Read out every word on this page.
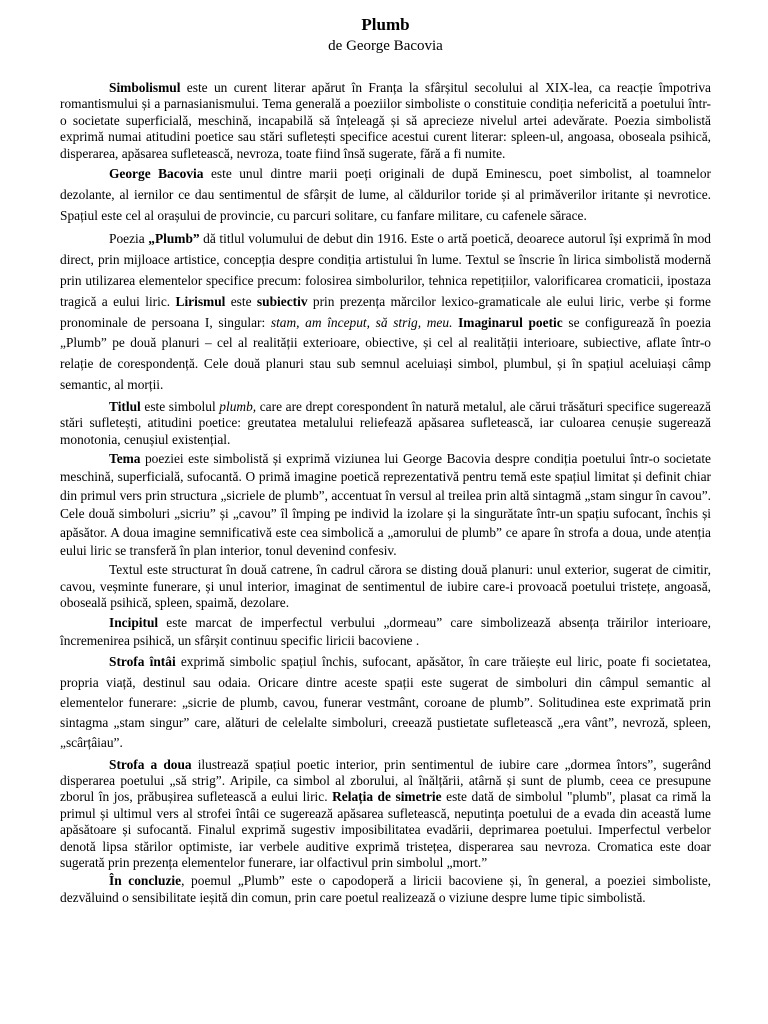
Plumb
de George Bacovia

Simbolismul este un curent literar apărut în Franța la sfârșitul secolului al XIX-lea, ca reacție împotriva romantismului și a parnasianismului. Tema generală a poeziilor simboliste o constituie condiția nefericită a poetului într-o societate superficială, meschină, incapabilă să înțeleagă și să aprecieze nivelul artei adevărate. Poezia simbolistă exprimă numai atitudini poetice sau stări sufletești specifice acestui curent literar: spleen-ul, angoasa, oboseala psihică, disperarea, apăsarea sufletească, nevroza, toate fiind însă sugerate, fără a fi numite.

George Bacovia este unul dintre marii poeți originali de după Eminescu, poet simbolist, al toamnelor dezolante, al iernilor ce dau sentimentul de sfârșit de lume, al căldurilor toride și al primăverilor iritante și nevrotice. Spațiul este cel al orașului de provincie, cu parcuri solitare, cu fanfare militare, cu cafenele sărace.

Poezia „Plumb” dă titlul volumului de debut din 1916. Este o artă poetică, deoarece autorul își exprimă în mod direct, prin mijloace artistice, concepția despre condiția artistului în lume. Textul se înscrie în lirica simbolistă modernă prin utilizarea elementelor specifice precum: folosirea simbolurilor, tehnica repetițiilor, valorificarea cromaticii, ipostaza tragică a eului liric. Lirismul este subiectiv prin prezența mărcilor lexico-gramaticale ale eului liric, verbe și forme pronominale de persoana I, singular: stam, am început, să strig, meu. Imaginarul poetic se configurează în poezia „Plumb” pe două planuri – cel al realității exterioare, obiective, și cel al realității interioare, subiective, aflate într-o relație de corespondență. Cele două planuri stau sub semnul aceluiași simbol, plumbul, și în spațiul aceluiași câmp semantic, al morții.

Titlul este simbolul plumb, care are drept corespondent în natură metalul, ale cărui trăsături specifice sugerează stări sufletești, atitudini poetice: greutatea metalului reliefează apăsarea sufletească, iar culoarea cenușie sugerează monotonia, cenușiul existențial.

Tema poeziei este simbolistă și exprimă viziunea lui George Bacovia despre condiția poetului într-o societate meschină, superficială, sufocantă. O primă imagine poetică reprezentativă pentru temă este spațiul limitat și definit chiar din primul vers prin structura „sicriele de plumb”, accentuat în versul al treilea prin altă sintagmă „stam singur în cavou”. Cele două simboluri „sicriu” și „cavou” îl împing pe individ la izolare și la singurătate într-un spațiu sufocant, închis și apăsător. A doua imagine semnificativă este cea simbolică a „amorului de plumb” ce apare în strofa a doua, unde atenția eului liric se transferă în plan interior, tonul devenind confesiv.

Textul este structurat în două catrene, în cadrul cărora se disting două planuri: unul exterior, sugerat de cimitir, cavou, veșminte funerare, și unul interior, imaginat de sentimentul de iubire care-i provoacă poetului tristețe, angoasă, oboseală psihică, spleen, spaimă, dezolare.

Incipitul este marcat de imperfectul verbului „dormeau” care simbolizează absența trăirilor interioare, încremenirea psihică, un sfârșit continuu specific liricii bacoviene .

Strofa întâi exprimă simbolic spațiul închis, sufocant, apăsător, în care trăiește eul liric, poate fi societatea, propria viață, destinul sau odaia. Oricare dintre aceste spații este sugerat de simboluri din câmpul semantic al elementelor funerare: „sicrie de plumb, cavou, funerar vestmânt, coroane de plumb”. Solitudinea este exprimată prin sintagma „stam singur” care, alături de celelalte simboluri, creează pustietate sufletească „era vânt”, nevroză, spleen, „scârțâiau”.

Strofa a doua ilustrează spațiul poetic interior, prin sentimentul de iubire care „dormea întors”, sugerând disperarea poetului „să strig”. Aripile, ca simbol al zborului, al înălțării, atârnă și sunt de plumb, ceea ce presupune zborul în jos, prăbușirea sufletească a eului liric. Relația de simetrie este dată de simbolul "plumb", plasat ca rimă la primul și ultimul vers al strofei întâi ce sugerează apăsarea sufletească, neputința poetului de a evada din această lume apăsătoare și sufocantă. Finalul exprimă sugestiv imposibilitatea evadării, deprimarea poetului. Imperfectul verbelor denotă lipsa stărilor optimiste, iar verbele auditive exprimă tristețea, disperarea sau nevroza. Cromatica este doar sugerată prin prezența elementelor funerare, iar olfactivul prin simbolul „mort.”

În concluzie, poemul „Plumb” este o capodoperă a liricii bacoviene și, în general, a poeziei simboliste, dezvăluind o sensibilitate ieșită din comun, prin care poetul realizează o viziune despre lume tipic simbolistă.
